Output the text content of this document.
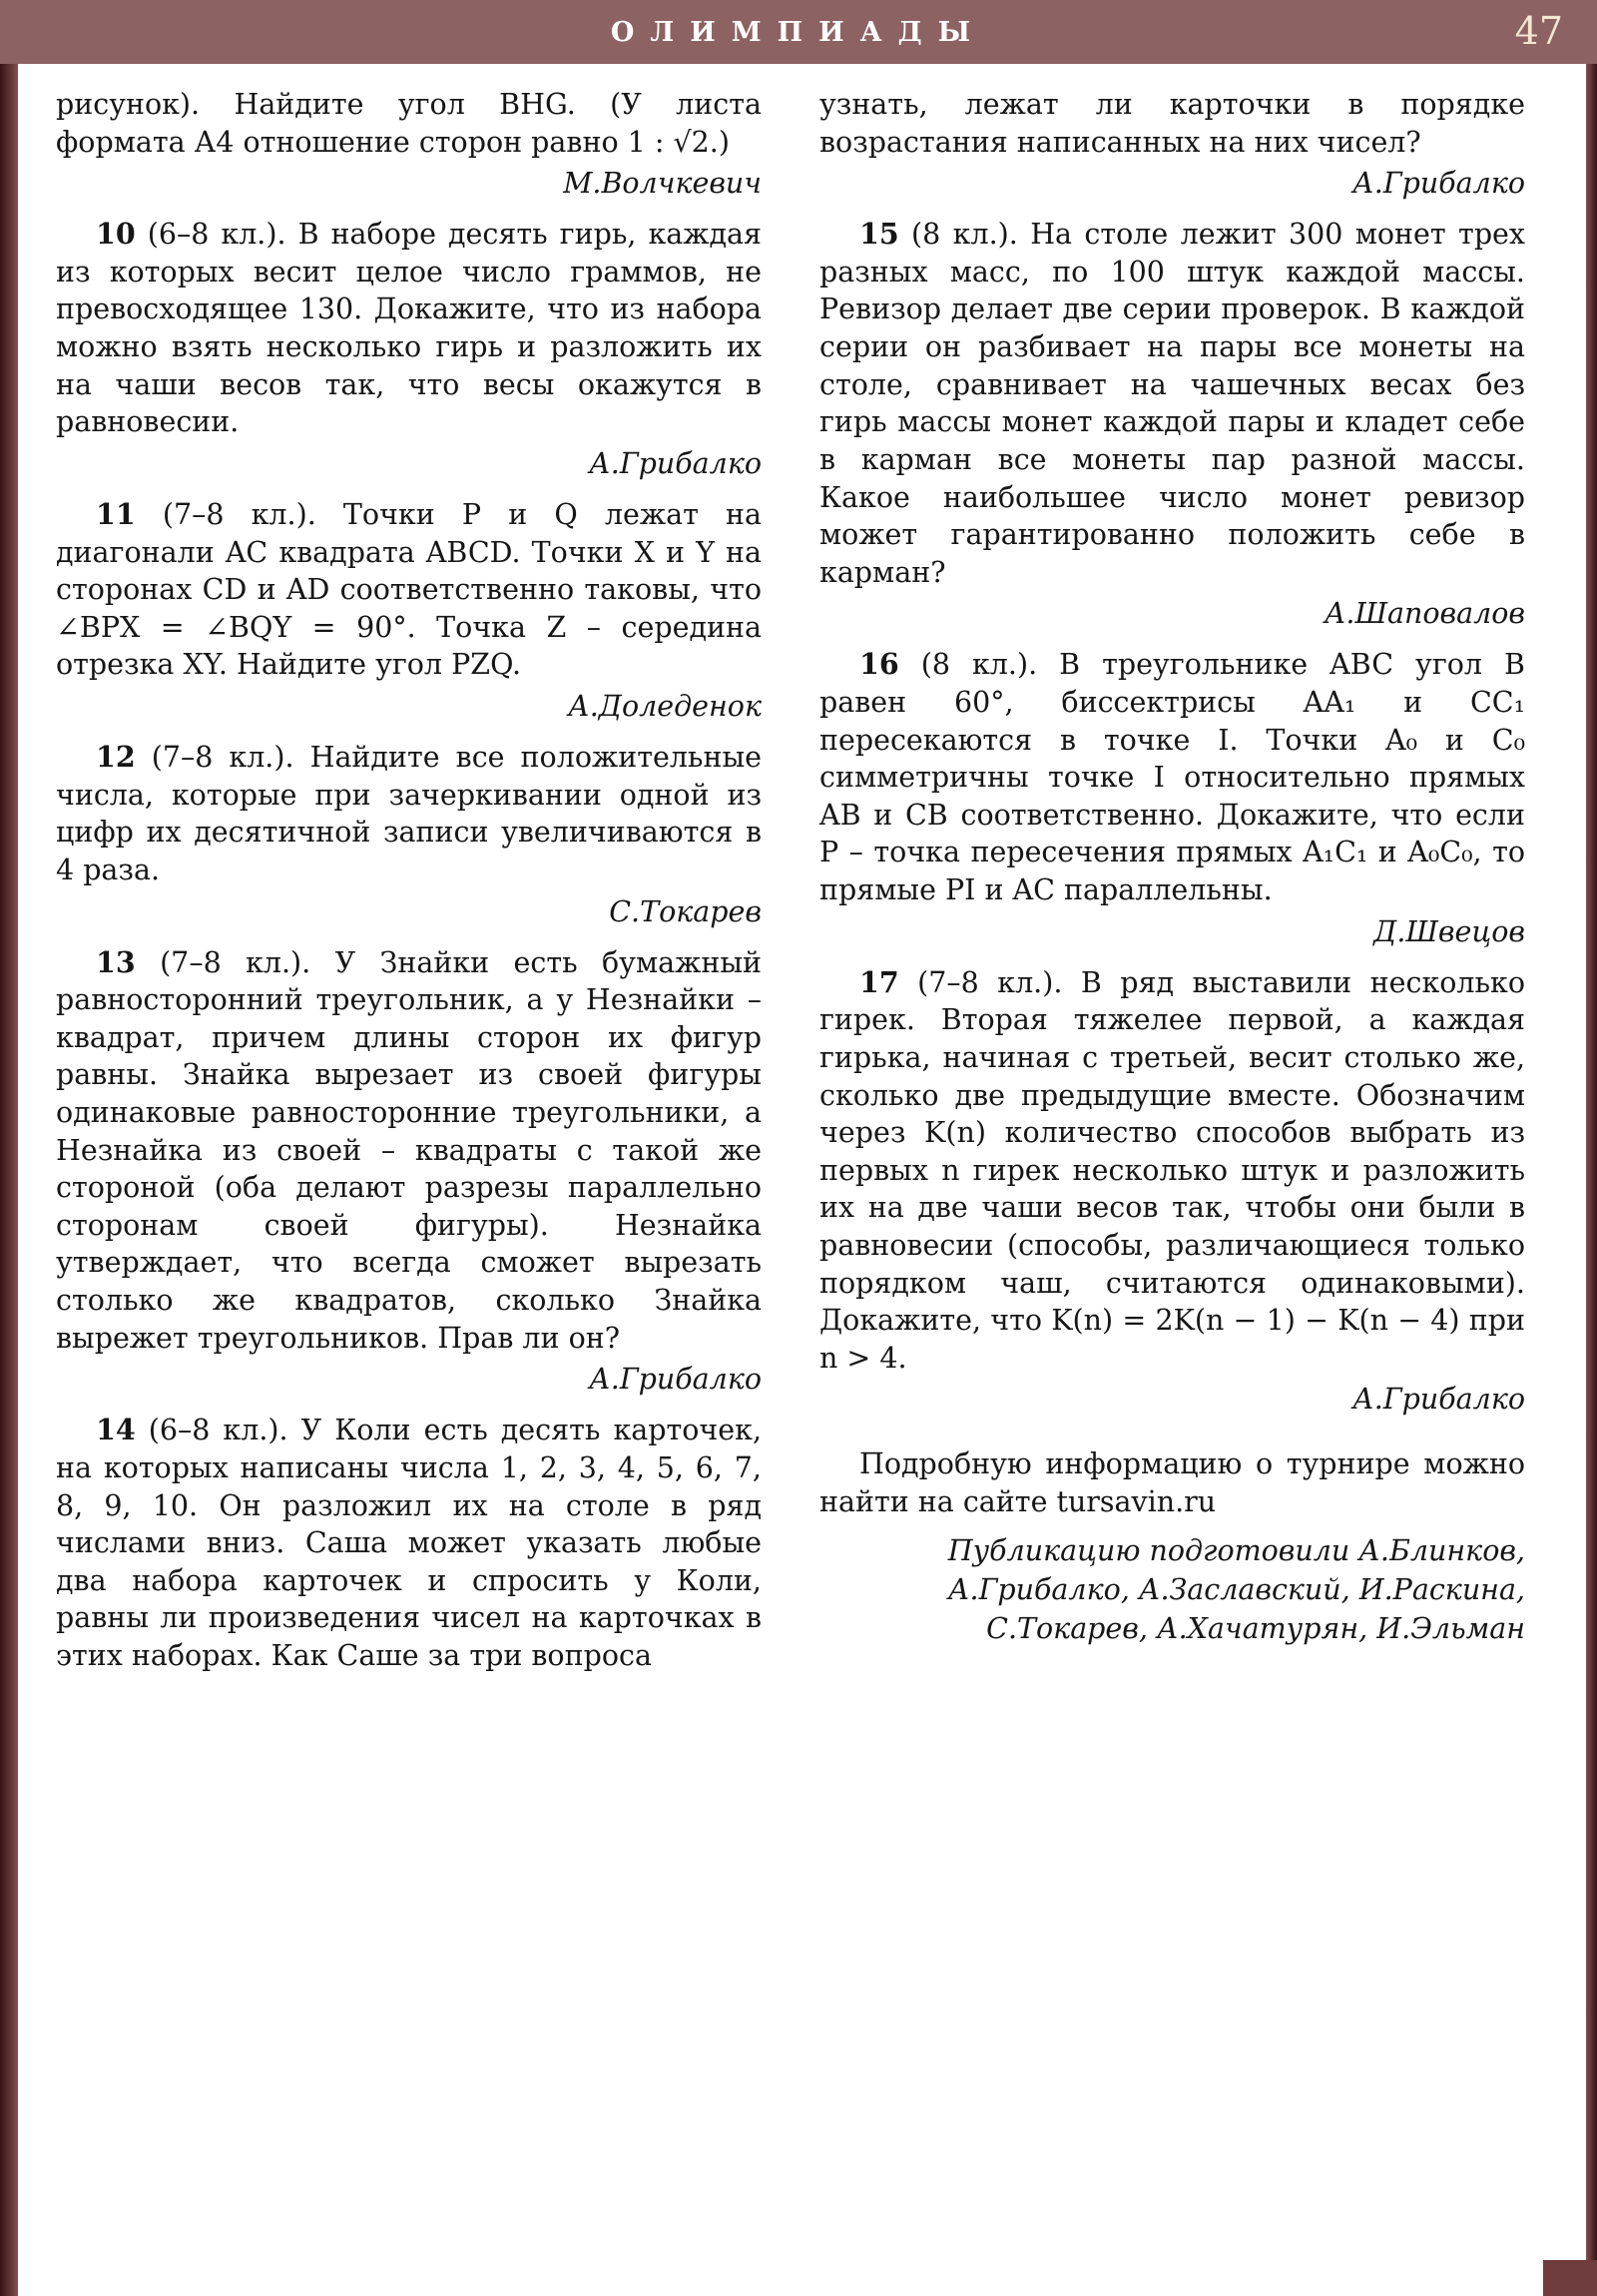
ОЛИМПИАДЫ	47

рисунок). Найдите угол BHG. (У листа формата А4 отношение сторон равно 1 : √2.)

М.Волчкевич

10 (6–8 кл.). В наборе десять гирь, каждая из которых весит целое число граммов, не превосходящее 130. Докажите, что из набора можно взять несколько гирь и разложить их на чаши весов так, что весы окажутся в равновесии.

А.Грибалко

11 (7–8 кл.). Точки P и Q лежат на диагонали AC квадрата ABCD. Точки X и Y на сторонах CD и AD соответственно таковы, что ∠BPX = ∠BQY = 90°. Точка Z – середина отрезка XY. Найдите угол PZQ.

А.Доледенок

12 (7–8 кл.). Найдите все положительные числа, которые при зачеркивании одной из цифр их десятичной записи увеличиваются в 4 раза.

С.Токарев

13 (7–8 кл.). У Знайки есть бумажный равносторонний треугольник, а у Незнайки – квадрат, причем длины сторон их фигур равны. Знайка вырезает из своей фигуры одинаковые равносторонние треугольники, а Незнайка из своей – квадраты с такой же стороной (оба делают разрезы параллельно сторонам своей фигуры). Незнайка утверждает, что всегда сможет вырезать столько же квадратов, сколько Знайка вырежет треугольников. Прав ли он?

А.Грибалко

14 (6–8 кл.). У Коли есть десять карточек, на которых написаны числа 1, 2, 3, 4, 5, 6, 7, 8, 9, 10. Он разложил их на столе в ряд числами вниз. Саша может указать любые два набора карточек и спросить у Коли, равны ли произведения чисел на карточках в этих наборах. Как Саше за три вопроса

узнать, лежат ли карточки в порядке возрастания написанных на них чисел?

А.Грибалко

15 (8 кл.). На столе лежит 300 монет трех разных масс, по 100 штук каждой массы. Ревизор делает две серии проверок. В каждой серии он разбивает на пары все монеты на столе, сравнивает на чашечных весах без гирь массы монет каждой пары и кладет себе в карман все монеты пар разной массы. Какое наибольшее число монет ревизор может гарантированно положить себе в карман?

А.Шаповалов

16 (8 кл.). В треугольнике ABC угол B равен 60°, биссектрисы AA₁ и CC₁ пересекаются в точке I. Точки A₀ и C₀ симметричны точке I относительно прямых AB и CB соответственно. Докажите, что если P – точка пересечения прямых A₁C₁ и A₀C₀, то прямые PI и AC параллельны.

Д.Швецов

17 (7–8 кл.). В ряд выставили несколько гирек. Вторая тяжелее первой, а каждая гирька, начиная с третьей, весит столько же, сколько две предыдущие вместе. Обозначим через K(n) количество способов выбрать из первых n гирек несколько штук и разложить их на две чаши весов так, чтобы они были в равновесии (способы, различающиеся только порядком чаш, считаются одинаковыми). Докажите, что K(n) = 2K(n − 1) − K(n − 4) при n > 4.

А.Грибалко

Подробную информацию о турнире можно найти на сайте tursavin.ru

Публикацию подготовили А.Блинков, А.Грибалко, А.Заславский, И.Раскина, С.Токарев, А.Хачатурян, И.Эльман
